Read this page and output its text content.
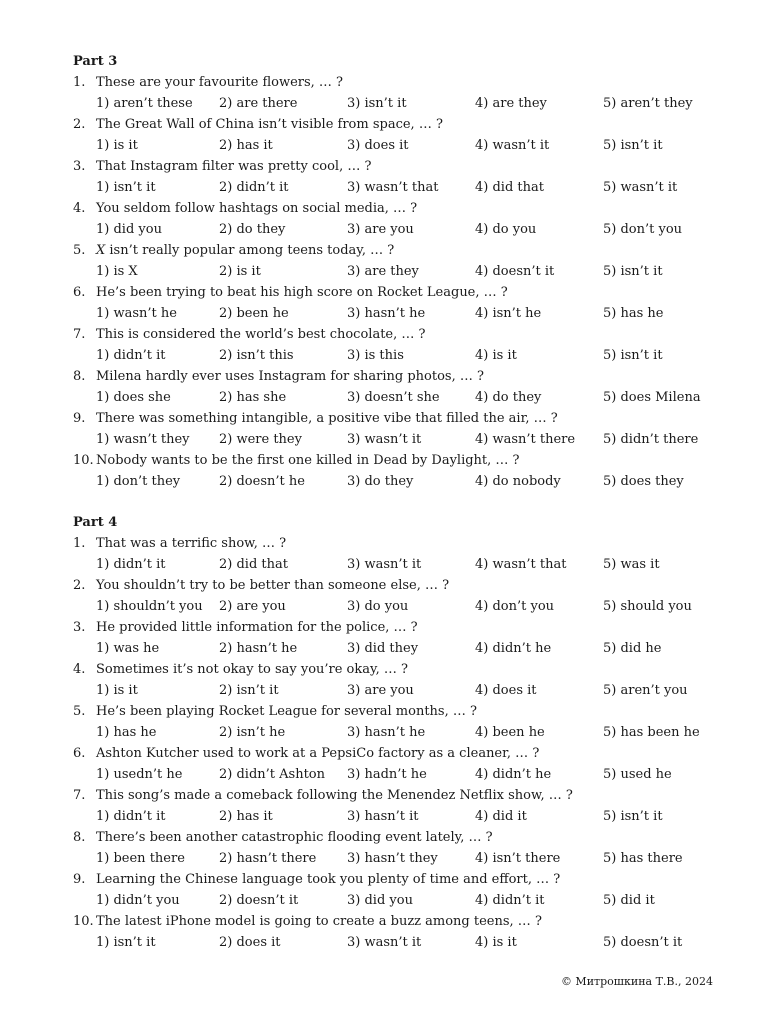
Part 3
1. These are your favourite flowers, … ?
1) aren’t these 2) are there	3) isn’t it	4) are they	5) aren’t they
2. The Great Wall of China isn’t visible from space, … ?
1) is it	2) has it	3) does it	4) wasn’t it	5) isn’t it
3. That Instagram filter was pretty cool, … ?
1) isn’t it	2) didn’t it	3) wasn’t that	4) did that	5) wasn’t it
4. You seldom follow hashtags on social media, … ?
1) did you	2) do they	3) are you	4) do you	5) don’t you
5. X isn’t really popular among teens today, … ?
1) is X	2) is it	3) are they	4) doesn’t it	5) isn’t it
6. He’s been trying to beat his high score on Rocket League, … ?
1) wasn’t he	2) been he	3) hasn’t he	4) isn’t he	5) has he
7. This is considered the world’s best chocolate, … ?
1) didn’t it	2) isn’t this	3) is this	4) is it	5) isn’t it
8. Milena hardly ever uses Instagram for sharing photos, … ?
1) does she	2) has she	3) doesn’t she	4) do they	5) does Milena
9. There was something intangible, a positive vibe that filled the air, … ?
1) wasn’t they 2) were they	3) wasn’t it	4) wasn’t there 5) didn’t there
10. Nobody wants to be the first one killed in Dead by Daylight, … ?
1) don’t they	2) doesn’t he	3) do they	4) do nobody	5) does they
Part 4
1. That was a terrific show, … ?
1) didn’t it	2) did that	3) wasn’t it	4) wasn’t that	5) was it
2. You shouldn’t try to be better than someone else, … ?
1) shouldn’t you 2) are you	3) do you	4) don’t you	5) should you
3. He provided little information for the police, … ?
1) was he	2) hasn’t he	3) did they	4) didn’t he	5) did he
4. Sometimes it’s not okay to say you’re okay, … ?
1) is it	2) isn’t it	3) are you	4) does it	5) aren’t you
5. He’s been playing Rocket League for several months, … ?
1) has he	2) isn’t he	3) hasn’t he	4) been he	5) has been he
6. Ashton Kutcher used to work at a PepsiCo factory as a cleaner, … ?
1) usedn’t he	2) didn’t Ashton 3) hadn’t he	4) didn’t he	5) used he
7. This song’s made a comeback following the Menendez Netflix show, … ?
1) didn’t it	2) has it	3) hasn’t it	4) did it	5) isn’t it
8. There’s been another catastrophic flooding event lately, … ?
1) been there	2) hasn’t there 3) hasn’t they	4) isn’t there	5) has there
9. Learning the Chinese language took you plenty of time and effort, … ?
1) didn’t you	2) doesn’t it	3) did you	4) didn’t it	5) did it
10. The latest iPhone model is going to create a buzz among teens, … ?
1) isn’t it	2) does it	3) wasn’t it	4) is it	5) doesn’t it
© Митрошкина Т.В., 2024
